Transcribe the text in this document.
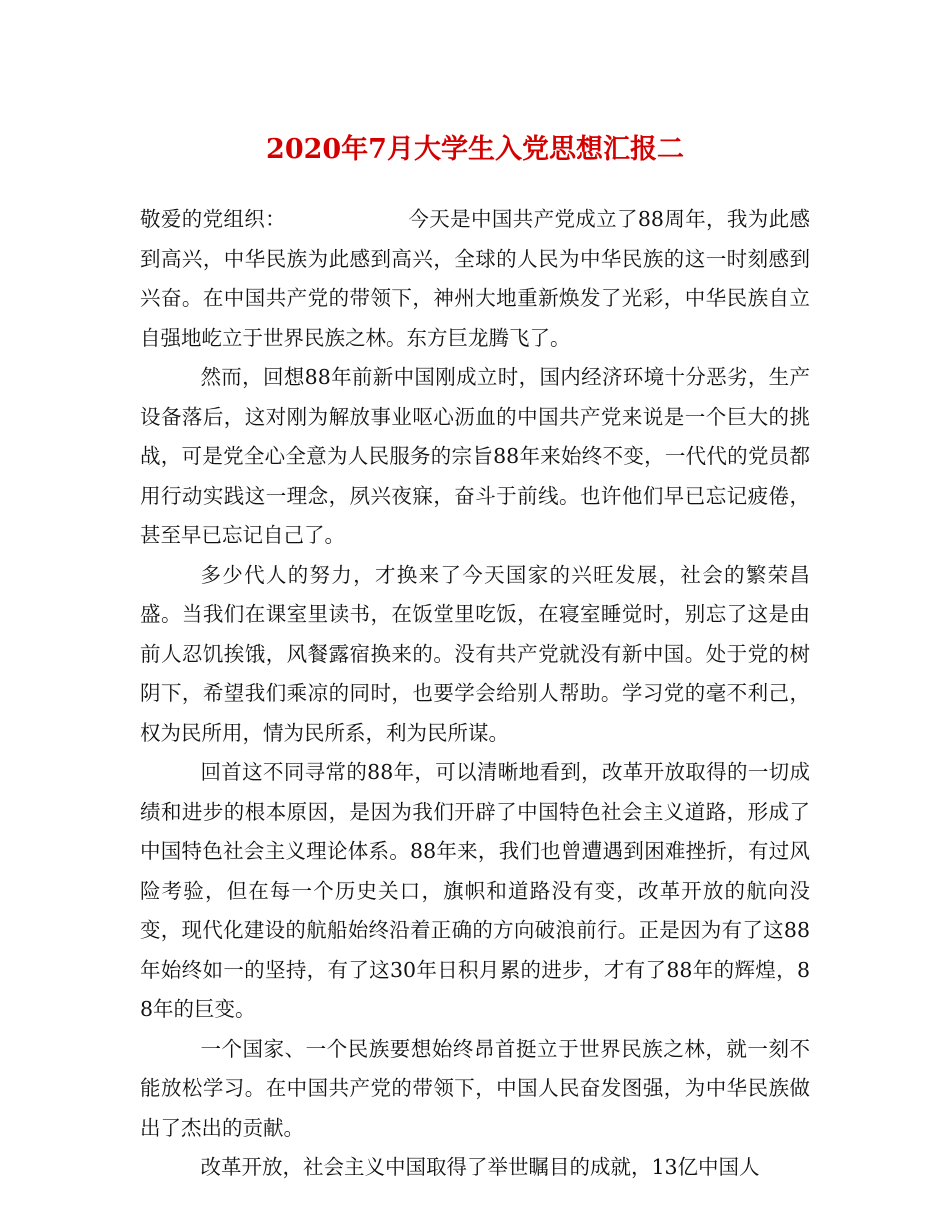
2020年7月大学生入党思想汇报二

敬爱的党组织：	今天是中国共产党成立了88周年，我为此感到高兴，中华民族为此感到高兴，全球的人民为中华民族的这一时刻感到兴奋。在中国共产党的带领下，神州大地重新焕发了光彩，中华民族自立自强地屹立于世界民族之林。东方巨龙腾飞了。

然而，回想88年前新中国刚成立时，国内经济环境十分恶劣，生产设备落后，这对刚为解放事业呕心沥血的中国共产党来说是一个巨大的挑战，可是党全心全意为人民服务的宗旨88年来始终不变，一代代的党员都用行动实践这一理念，夙兴夜寐，奋斗于前线。也许他们早已忘记疲倦，甚至早已忘记自己了。

多少代人的努力，才换来了今天国家的兴旺发展，社会的繁荣昌盛。当我们在课室里读书，在饭堂里吃饭，在寝室睡觉时，别忘了这是由前人忍饥挨饿，风餐露宿换来的。没有共产党就没有新中国。处于党的树阴下，希望我们乘凉的同时，也要学会给别人帮助。学习党的毫不利己，权为民所用，情为民所系，利为民所谋。

回首这不同寻常的88年，可以清晰地看到，改革开放取得的一切成绩和进步的根本原因，是因为我们开辟了中国特色社会主义道路，形成了中国特色社会主义理论体系。88年来，我们也曾遭遇到困难挫折，有过风险考验，但在每一个历史关口，旗帜和道路没有变，改革开放的航向没变，现代化建设的航船始终沿着正确的方向破浪前行。正是因为有了这88年始终如一的坚持，有了这30年日积月累的进步，才有了88年的辉煌，88年的巨变。

一个国家、一个民族要想始终昂首挺立于世界民族之林，就一刻不能放松学习。在中国共产党的带领下，中国人民奋发图强，为中华民族做出了杰出的贡献。

改革开放，社会主义中国取得了举世瞩目的成就，13亿中国人
